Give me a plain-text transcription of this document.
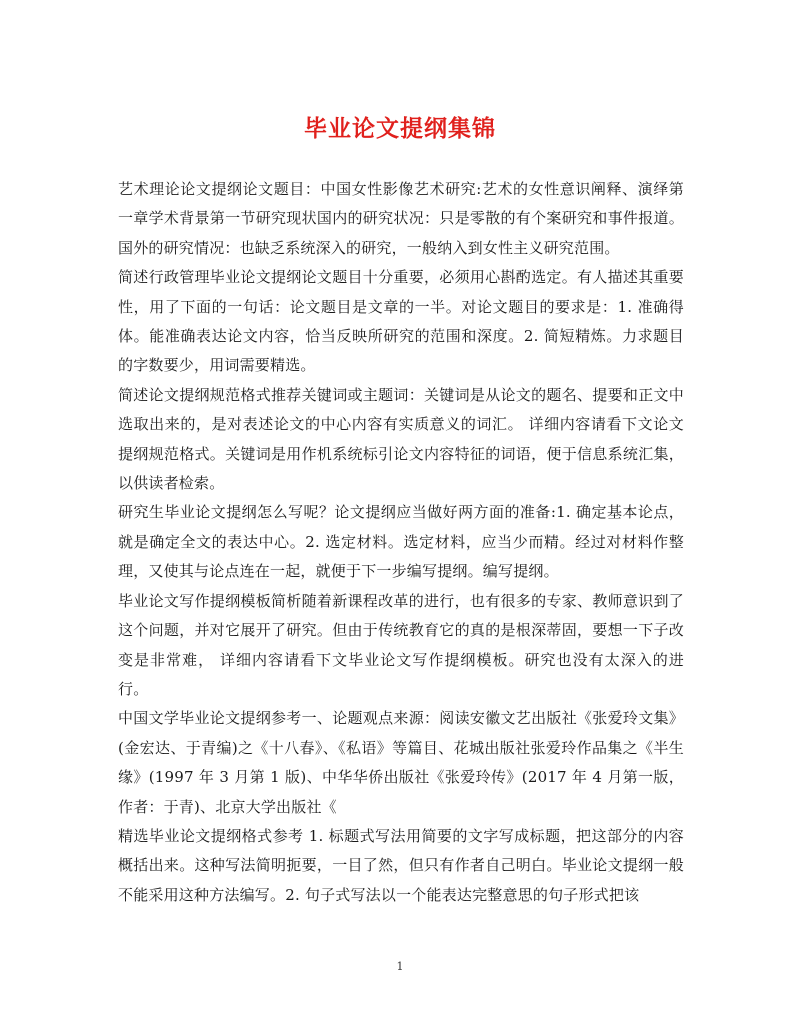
毕业论文提纲集锦

艺术理论论文提纲论文题目：中国女性影像艺术研究:艺术的女性意识阐释、演绎第一章学术背景第一节研究现状国内的研究状况：只是零散的有个案研究和事件报道。国外的研究情况：也缺乏系统深入的研究，一般纳入到女性主义研究范围。

简述行政管理毕业论文提纲论文题目十分重要，必须用心斟酌选定。有人描述其重要性，用了下面的一句话：论文题目是文章的一半。对论文题目的要求是：1. 准确得体。能准确表达论文内容，恰当反映所研究的范围和深度。2. 简短精炼。力求题目的字数要少，用词需要精选。

简述论文提纲规范格式推荐关键词或主题词：关键词是从论文的题名、提要和正文中选取出来的，是对表述论文的中心内容有实质意义的词汇。 详细内容请看下文论文提纲规范格式。关键词是用作机系统标引论文内容特征的词语，便于信息系统汇集，以供读者检索。

研究生毕业论文提纲怎么写呢？论文提纲应当做好两方面的准备:1. 确定基本论点，就是确定全文的表达中心。2. 选定材料。选定材料，应当少而精。经过对材料作整理，又使其与论点连在一起，就便于下一步编写提纲。编写提纲。

毕业论文写作提纲模板简析随着新课程改革的进行，也有很多的专家、教师意识到了这个问题，并对它展开了研究。但由于传统教育它的真的是根深蒂固，要想一下子改变是非常难， 详细内容请看下文毕业论文写作提纲模板。研究也没有太深入的进行。

中国文学毕业论文提纲参考一、论题观点来源：阅读安徽文艺出版社《张爱玲文集》(金宏达、于青编)之《十八春》、《私语》等篇目、花城出版社张爱玲作品集之《半生缘》(1997 年 3 月第 1 版)、中华华侨出版社《张爱玲传》(2017 年 4 月第一版，作者：于青)、北京大学出版社《

精选毕业论文提纲格式参考 1. 标题式写法用简要的文字写成标题，把这部分的内容概括出来。这种写法简明扼要，一目了然，但只有作者自己明白。毕业论文提纲一般不能采用这种方法编写。2. 句子式写法以一个能表达完整意思的句子形式把该

1
